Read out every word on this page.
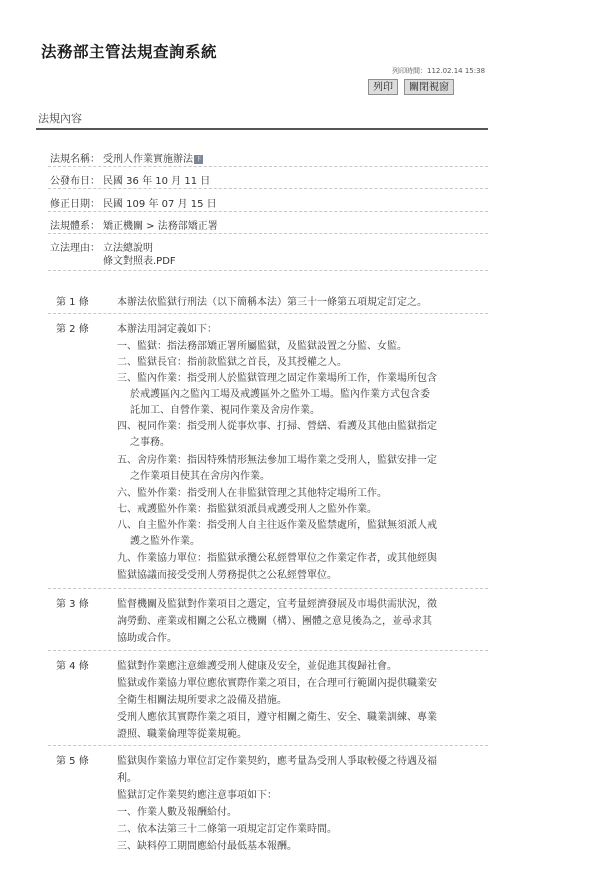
法務部主管法規查詢系統
列印時間：112.02.14 15:38
列印	關閉視窗
法規內容
法規名稱： 受刑人作業實施辦法 下
公發布日： 民國 36 年 10 月 11 日
修正日期： 民國 109 年 07 月 15 日
法規體系： 矯正機關 > 法務部矯正署
立法理由： 立法總說明
條文對照表.PDF
第 1 條	本辦法依監獄行刑法（以下簡稱本法）第三十一條第五項規定訂定之。
第 2 條	本辦法用詞定義如下：
一、監獄：指法務部矯正署所屬監獄，及監獄設置之分監、女監。
二、監獄長官：指前款監獄之首長，及其授權之人。
三、監內作業：指受刑人於監獄管理之固定作業場所工作，作業場所包含
於戒護區內之監內工場及戒護區外之監外工場。監內作業方式包含委
託加工、自營作業、視同作業及舍房作業。
四、視同作業：指受刑人從事炊事、打掃、營繕、看護及其他由監獄指定
之事務。
五、舍房作業：指因特殊情形無法參加工場作業之受刑人，監獄安排一定
之作業項目使其在舍房內作業。
六、監外作業：指受刑人在非監獄管理之其他特定場所工作。
七、戒護監外作業：指監獄須派員戒護受刑人之監外作業。
八、自主監外作業：指受刑人自主往返作業及監禁處所，監獄無須派人戒
護之監外作業。
九、作業協力單位：指監獄承攬公私經營單位之作業定作者，或其他經與
監獄協議而接受受刑人勞務提供之公私經營單位。
第 3 條	監督機關及監獄對作業項目之選定，宜考量經濟發展及市場供需狀況，徵
詢勞動、產業或相關之公私立機關（構）、團體之意見後為之，並尋求其
協助或合作。
第 4 條	監獄對作業應注意維護受刑人健康及安全，並促進其復歸社會。
監獄或作業協力單位應依實際作業之項目，在合理可行範圍內提供職業安
全衛生相關法規所要求之設備及措施。
受刑人應依其實際作業之項目，遵守相關之衛生、安全、職業訓練、專業
證照、職業倫理等從業規範。
第 5 條	監獄與作業協力單位訂定作業契約，應考量為受刑人爭取較優之待遇及福
利。
監獄訂定作業契約應注意事項如下：
一、作業人數及報酬給付。
二、依本法第三十二條第一項規定訂定作業時間。
三、缺料停工期間應給付最低基本報酬。
